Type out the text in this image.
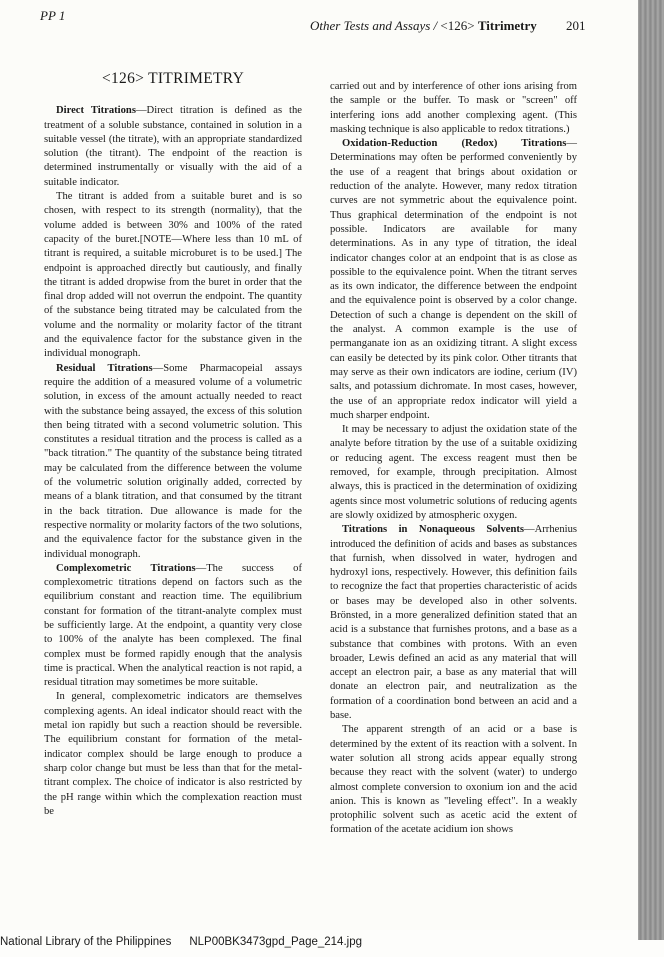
PP 1
Other Tests and Assays / <126> Titrimetry 201
<126> TITRIMETRY

Direct Titrations—Direct titration is defined as the treatment of a soluble substance, contained in solution in a suitable vessel (the titrate), with an appropriate standardized solution (the titrant). The endpoint of the reaction is determined instrumentally or visually with the aid of a suitable indicator.

The titrant is added from a suitable buret and is so chosen, with respect to its strength (normality), that the volume added is between 30% and 100% of the rated capacity of the buret.[NOTE—Where less than 10 mL of titrant is required, a suitable microburet is to be used.] The endpoint is approached directly but cautiously, and finally the titrant is added dropwise from the buret in order that the final drop added will not overrun the endpoint. The quantity of the substance being titrated may be calculated from the volume and the normality or molarity factor of the titrant and the equivalence factor for the substance given in the individual monograph.

Residual Titrations—Some Pharmacopeial assays require the addition of a measured volume of a volumetric solution, in excess of the amount actually needed to react with the substance being assayed, the excess of this solution then being titrated with a second volumetric solution. This constitutes a residual titration and the process is called as a "back titration." The quantity of the substance being titrated may be calculated from the difference between the volume of the volumetric solution originally added, corrected by means of a blank titration, and that consumed by the titrant in the back titration. Due allowance is made for the respective normality or molarity factors of the two solutions, and the equivalence factor for the substance given in the individual monograph.

Complexometric Titrations—The success of complexometric titrations depend on factors such as the equilibrium constant and reaction time. The equilibrium constant for formation of the titrant-analyte complex must be sufficiently large. At the endpoint, a quantity very close to 100% of the analyte has been complexed. The final complex must be formed rapidly enough that the analysis time is practical. When the analytical reaction is not rapid, a residual titration may sometimes be more suitable.

In general, complexometric indicators are themselves complexing agents. An ideal indicator should react with the metal ion rapidly but such a reaction should be reversible. The equilibrium constant for formation of the metal-indicator complex should be large enough to produce a sharp color change but must be less than that for the metal-titrant complex. The choice of indicator is also restricted by the pH range within which the complexation reaction must be

carried out and by interference of other ions arising from the sample or the buffer. To mask or "screen" off interfering ions add another complexing agent. (This masking technique is also applicable to redox titrations.)

Oxidation-Reduction (Redox) Titrations—Determinations may often be performed conveniently by the use of a reagent that brings about oxidation or reduction of the analyte. However, many redox titration curves are not symmetric about the equivalence point. Thus graphical determination of the endpoint is not possible. Indicators are available for many determinations. As in any type of titration, the ideal indicator changes color at an endpoint that is as close as possible to the equivalence point. When the titrant serves as its own indicator, the difference between the endpoint and the equivalence point is observed by a color change. Detection of such a change is dependent on the skill of the analyst. A common example is the use of permanganate ion as an oxidizing titrant. A slight excess can easily be detected by its pink color. Other titrants that may serve as their own indicators are iodine, cerium (IV) salts, and potassium dichromate. In most cases, however, the use of an appropriate redox indicator will yield a much sharper endpoint.

It may be necessary to adjust the oxidation state of the analyte before titration by the use of a suitable oxidizing or reducing agent. The excess reagent must then be removed, for example, through precipitation. Almost always, this is practiced in the determination of oxidizing agents since most volumetric solutions of reducing agents are slowly oxidized by atmospheric oxygen.

Titrations in Nonaqueous Solvents—Arrhenius introduced the definition of acids and bases as substances that furnish, when dissolved in water, hydrogen and hydroxyl ions, respectively. However, this definition fails to recognize the fact that properties characteristic of acids or bases may be developed also in other solvents. Brönsted, in a more generalized definition stated that an acid is a substance that furnishes protons, and a base as a substance that combines with protons. With an even broader, Lewis defined an acid as any material that will accept an electron pair, a base as any material that will donate an electron pair, and neutralization as the formation of a coordination bond between an acid and a base.

The apparent strength of an acid or a base is determined by the extent of its reaction with a solvent. In water solution all strong acids appear equally strong because they react with the solvent (water) to undergo almost complete conversion to oxonium ion and the acid anion. This is known as "leveling effect". In a weakly protophilic solvent such as acetic acid the extent of formation of the acetate acidium ion shows

National Library of the Philippines NLP00BK3473gpd_Page_214.jpg
